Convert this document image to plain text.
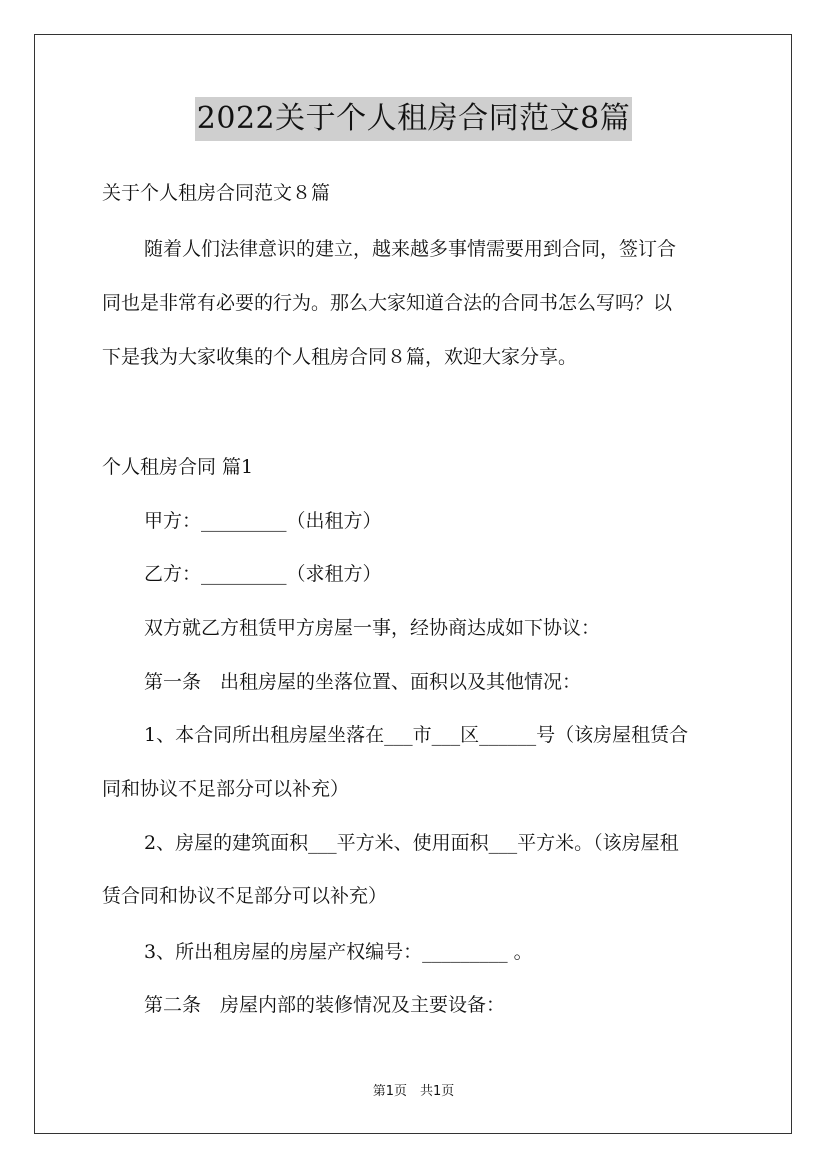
2022关于个人租房合同范文8篇
关于个人租房合同范文８篇
随着人们法律意识的建立，越来越多事情需要用到合同，签订合
同也是非常有必要的行为。那么大家知道合法的合同书怎么写吗？以
下是我为大家收集的个人租房合同８篇，欢迎大家分享。
个人租房合同 篇1
甲方：_________（出租方）
乙方：_________（求租方）
双方就乙方租赁甲方房屋一事，经协商达成如下协议：
第一条　出租房屋的坐落位置、面积以及其他情况：
1、本合同所出租房屋坐落在___市___区______号（该房屋租赁合
同和协议不足部分可以补充）
2、房屋的建筑面积___平方米、使用面积___平方米。（该房屋租
赁合同和协议不足部分可以补充）
3、所出租房屋的房屋产权编号：_________ 。
第二条　房屋内部的装修情况及主要设备：
第1页　共1页
